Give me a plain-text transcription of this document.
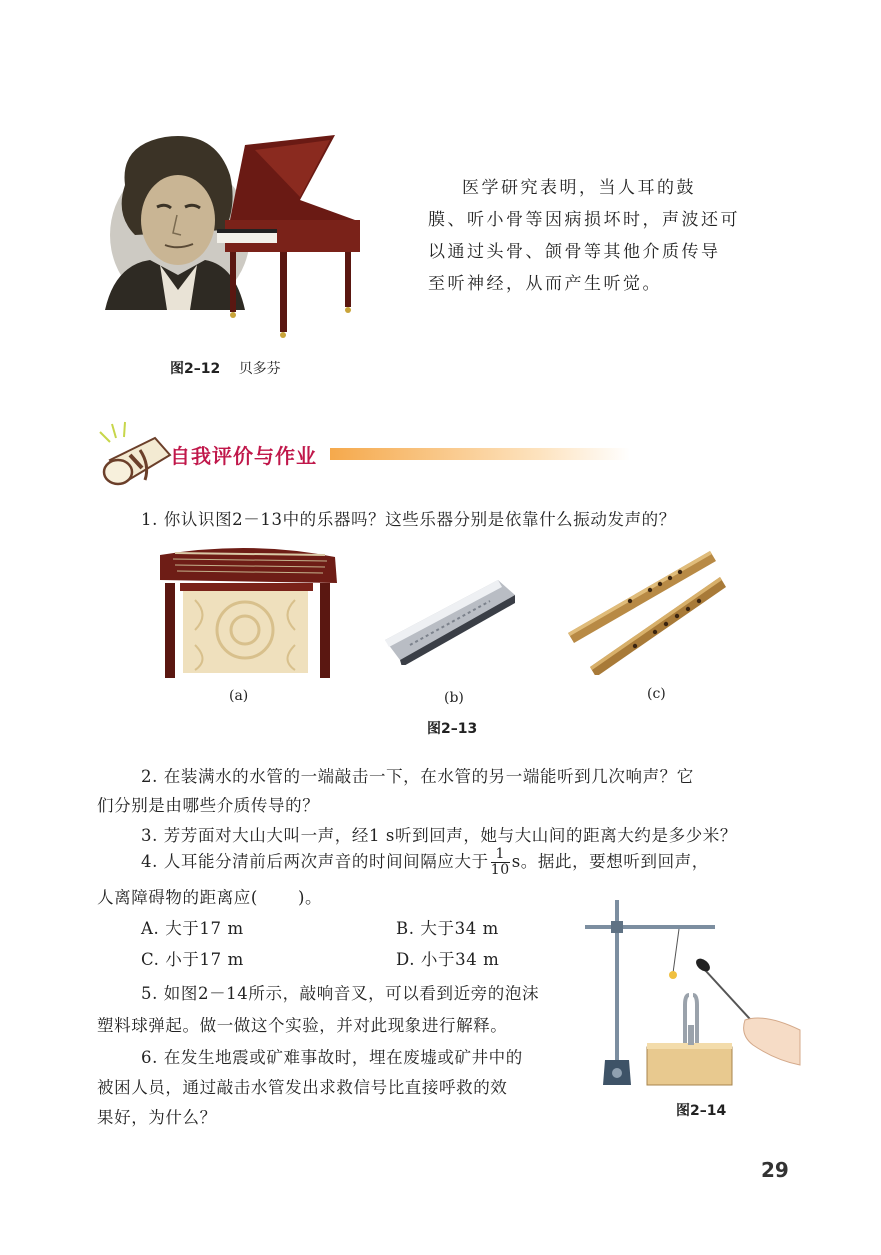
医学研究表明，当人耳的鼓
膜、听小骨等因病损坏时，声波还可
以通过头骨、颌骨等其他介质传导
至听神经，从而产生听觉。
图2–12 贝多芬
自我评价与作业
1. 你认识图2－13中的乐器吗？这些乐器分别是依靠什么振动发声的？
(a)	(b)	(c)
图2–13
2. 在装满水的水管的一端敲击一下，在水管的另一端能听到几次响声？它
们分别是由哪些介质传导的？
3. 芳芳面对大山大叫一声，经1 s听到回声，她与大山间的距离大约是多少米？
4. 人耳能分清前后两次声音的时间间隔应大于 $\frac{1}{10}$ s。据此，要想听到回声，
人离障碍物的距离应( )。
A. 大于17 m	B. 大于34 m
C. 小于17 m	D. 小于34 m
5. 如图2－14所示，敲响音叉，可以看到近旁的泡沫
塑料球弹起。做一做这个实验，并对此现象进行解释。
6. 在发生地震或矿难事故时，埋在废墟或矿井中的
被困人员，通过敲击水管发出求救信号比直接呼救的效
果好，为什么？	图2–14
29
